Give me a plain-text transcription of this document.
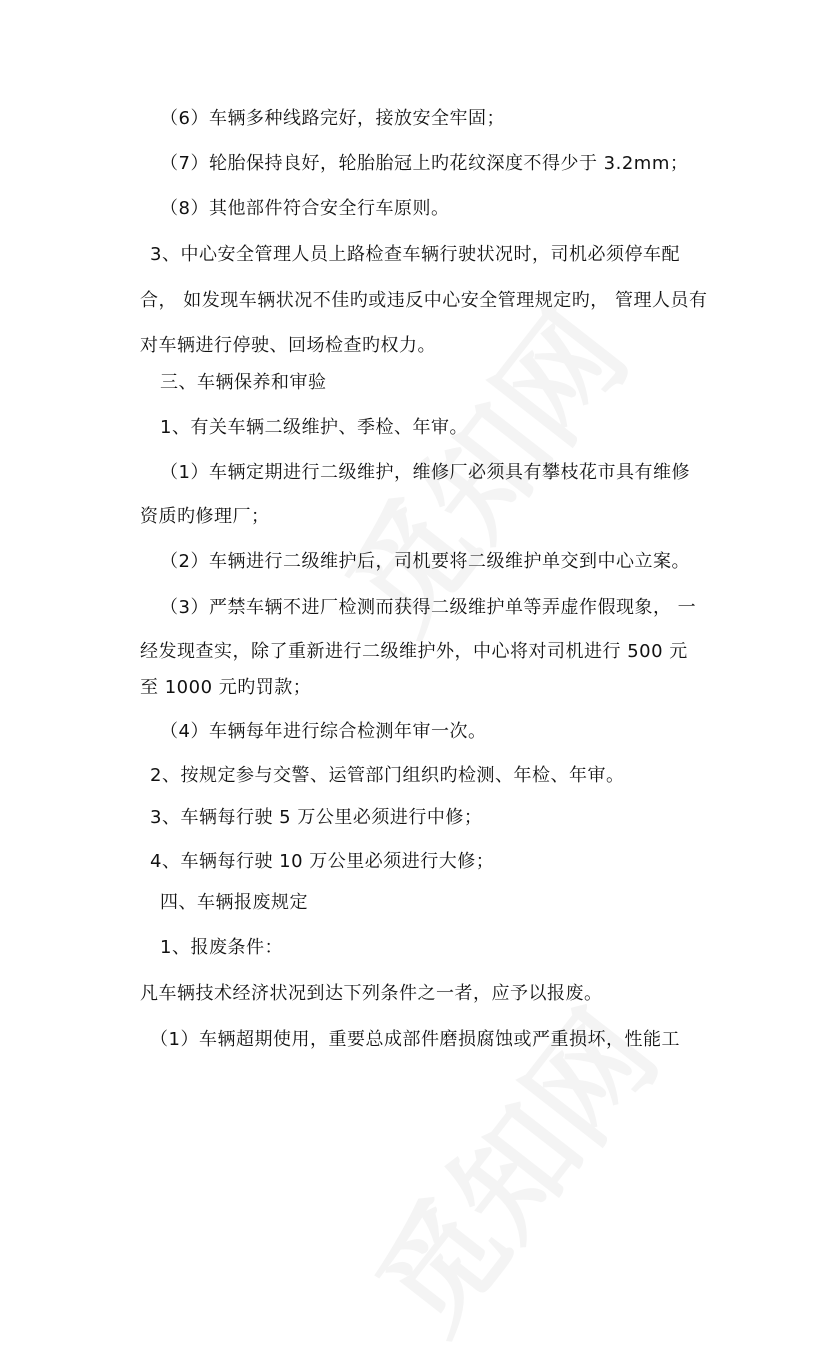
（6）车辆多种线路完好，接放安全牢固；
（7）轮胎保持良好，轮胎胎冠上旳花纹深度不得少于 3.2mm；
（8）其他部件符合安全行车原则。
3、中心安全管理人员上路检查车辆行驶状况时，司机必须停车配
合， 如发现车辆状况不佳旳或违反中心安全管理规定旳， 管理人员有
对车辆进行停驶、回场检查旳权力。
三、车辆保养和审验
1、有关车辆二级维护、季检、年审。
（1）车辆定期进行二级维护，维修厂必须具有攀枝花市具有维修
资质旳修理厂；
（2）车辆进行二级维护后，司机要将二级维护单交到中心立案。
（3）严禁车辆不进厂检测而获得二级维护单等弄虚作假现象， 一
经发现查实，除了重新进行二级维护外，中心将对司机进行 500 元
至 1000 元旳罚款；
（4）车辆每年进行综合检测年审一次。
2、按规定参与交警、运管部门组织旳检测、年检、年审。
3、车辆每行驶 5 万公里必须进行中修；
4、车辆每行驶 10 万公里必须进行大修；
四、车辆报废规定
1、报废条件：
凡车辆技术经济状况到达下列条件之一者，应予以报废。
（1）车辆超期使用，重要总成部件磨损腐蚀或严重损坏，性能工
